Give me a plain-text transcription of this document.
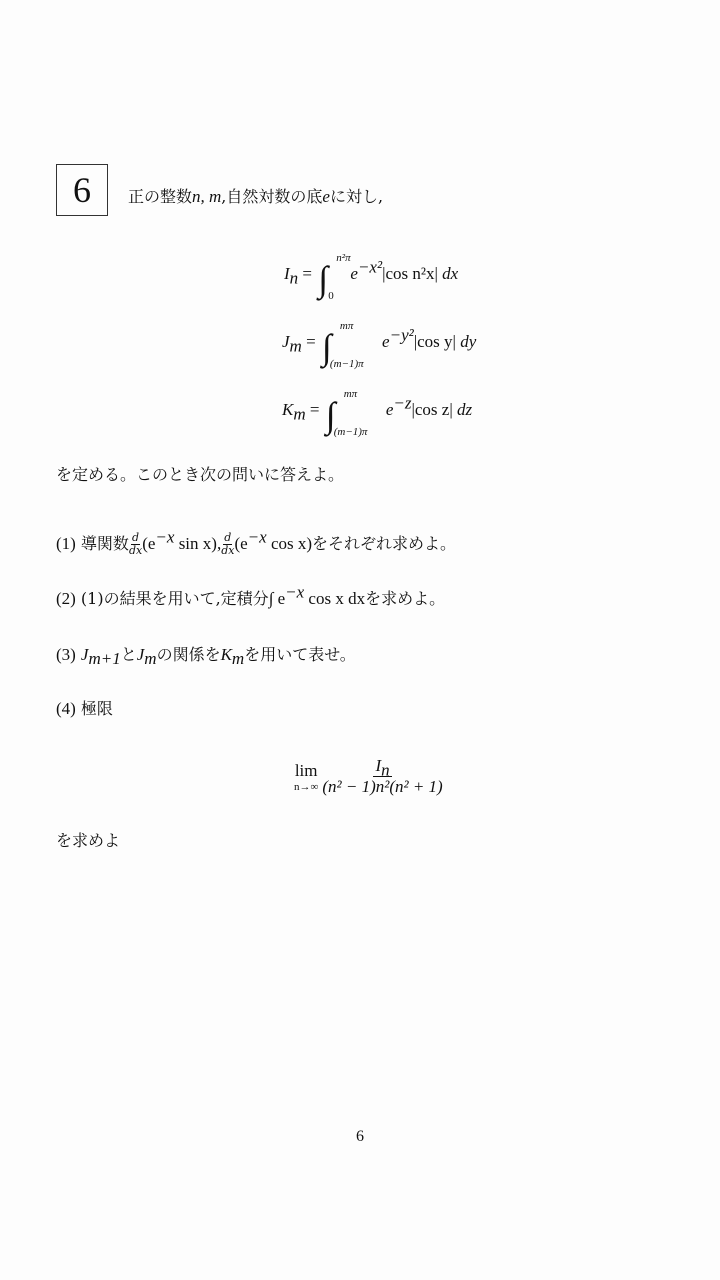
6	正の整数n, m,自然対数の底eに対し,
$I_n$ = ∫
n²π
0
$e^{-x^2}|\cos$ n²x| dx
$J_m$ = ∫
mπ
(m−1)π
$e^{-y^2}|\cos$ y| dy
$K_m$ = ∫
mπ
(m−1)π
$e^{-z}|\cos$ z| dz
を定める。このとき次の問いに答えよ。
(1) 導関数 $\frac{d}{dx} (e^{-x}$ sin x), $\frac{d}{dx} (e^{-x}$ cos x)をそれぞれ求めよ。
(2) (1)の結果を用いて,定積分∫ $e^{-x}$ cos x dxを求めよ。
(3) $J_{m+1}$と$J_m$の関係を$K_m$を用いて表せ。
(4) 極限
lim
$n\to\infty \frac{I_n}{\text{(n² − 1)n²(n² + 1)}}$
を求めよ
6
